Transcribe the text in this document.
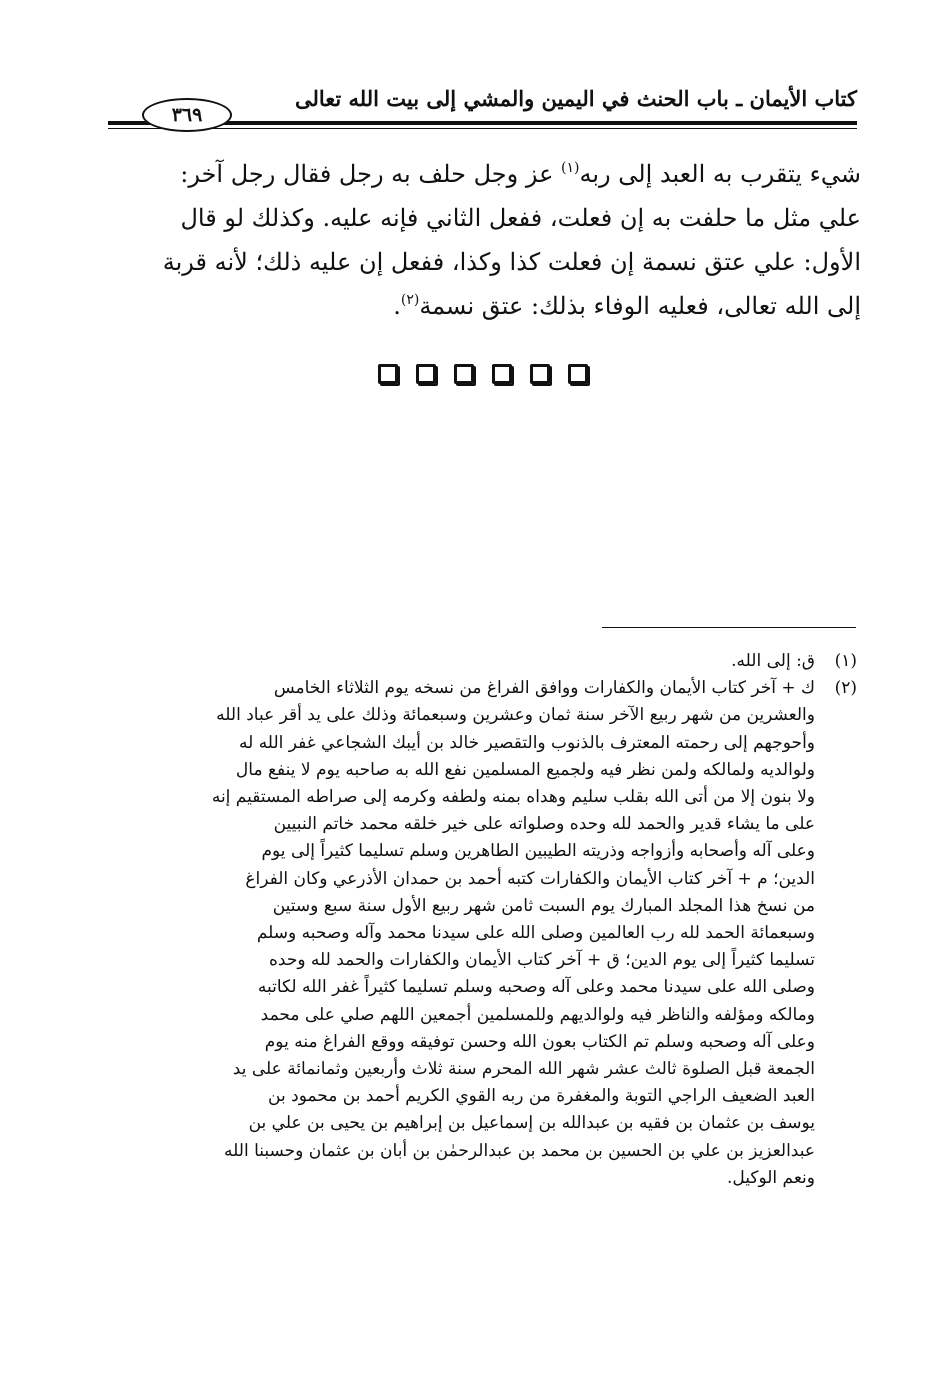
كتاب الأيمان ـ باب الحنث في اليمين والمشي إلى بيت الله تعالى
٣٦٩
شيء يتقرب به العبد إلى ربه$^{(١)}$ عز وجل حلف به رجل فقال رجل آخر:
علي مثل ما حلفت به إن فعلت، ففعل الثاني فإنه عليه. وكذلك لو قال
الأول: علي عتق نسمة إن فعلت كذا وكذا، ففعل إن عليه ذلك؛ لأنه قربة
إلى الله تعالى، فعليه الوفاء بذلك: عتق نسمة$^{(٢)}$.
(١)
ق: إلى الله.
(٢)
ك + آخر كتاب الأيمان والكفارات ووافق الفراغ من نسخه يوم الثلاثاء الخامس
والعشرين من شهر ربيع الآخر سنة ثمان وعشرين وسبعمائة وذلك على يد أقر عباد الله
وأحوجهم إلى رحمته المعترف بالذنوب والتقصير خالد بن أيبك الشجاعي غفر الله له
ولوالديه ولمالكه ولمن نظر فيه ولجميع المسلمين نفع الله به صاحبه يوم لا ينفع مال
ولا بنون إلا من أتى الله بقلب سليم وهداه بمنه ولطفه وكرمه إلى صراطه المستقيم إنه
على ما يشاء قدير والحمد لله وحده وصلواته على خير خلقه محمد خاتم النبيين
وعلى آله وأصحابه وأزواجه وذريته الطيبين الطاهرين وسلم تسليما كثيراً إلى يوم
الدين؛ م + آخر كتاب الأيمان والكفارات كتبه أحمد بن حمدان الأذرعي وكان الفراغ
من نسخ هذا المجلد المبارك يوم السبت ثامن شهر ربيع الأول سنة سبع وستين
وسبعمائة الحمد لله رب العالمين وصلى الله على سيدنا محمد وآله وصحبه وسلم
تسليما كثيراً إلى يوم الدين؛ ق + آخر كتاب الأيمان والكفارات والحمد لله وحده
وصلى الله على سيدنا محمد وعلى آله وصحبه وسلم تسليما كثيراً غفر الله لكاتبه
ومالكه ومؤلفه والناظر فيه ولوالديهم وللمسلمين أجمعين اللهم صلي على محمد
وعلى آله وصحبه وسلم تم الكتاب بعون الله وحسن توفيقه ووقع الفراغ منه يوم
الجمعة قبل الصلوة ثالث عشر شهر الله المحرم سنة ثلاث وأربعين وثمانمائة على يد
العبد الضعيف الراجي التوبة والمغفرة من ربه القوي الكريم أحمد بن محمود بن
يوسف بن عثمان بن فقيه بن عبدالله بن إسماعيل بن إبراهيم بن يحيى بن علي بن
عبدالعزيز بن علي بن الحسين بن محمد بن عبدالرحمٰن بن أبان بن عثمان وحسبنا الله
ونعم الوكيل.
